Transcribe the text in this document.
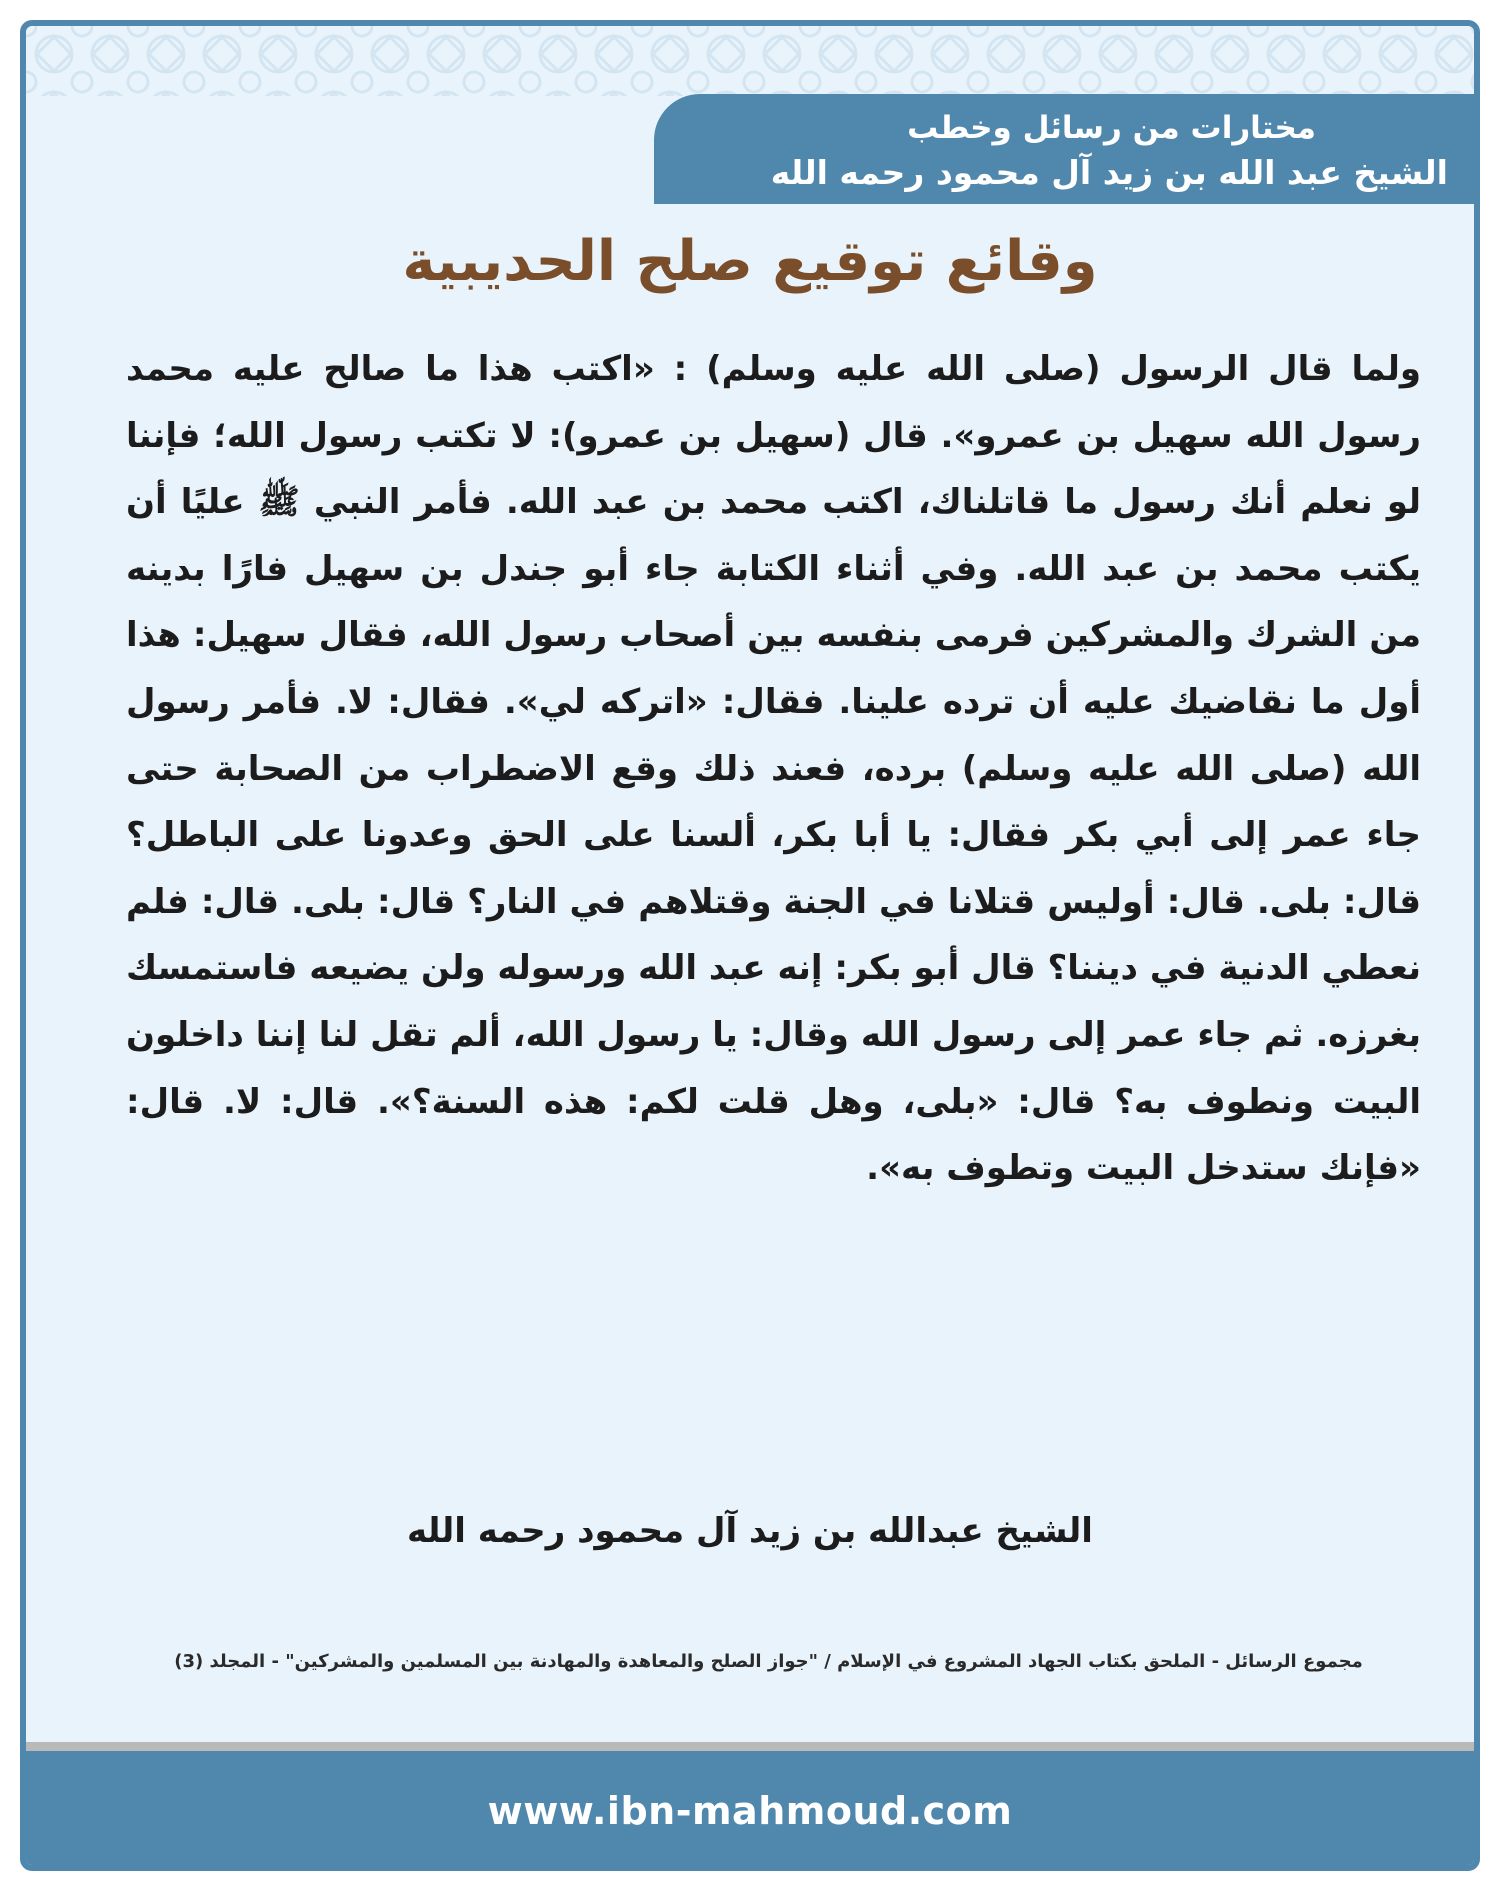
مختارات من رسائل وخطب
الشيخ عبد الله بن زيد آل محمود رحمه الله
وقائع توقيع صلح الحديبية

ولما قال الرسول (صلى الله عليه وسلم) : «اكتب هذا ما صالح عليه محمد رسول الله سهيل بن عمرو». قال (سهيل بن عمرو): لا تكتب رسول الله؛ فإننا لو نعلم أنك رسول ما قاتلناك، اكتب محمد بن عبد الله. فأمر النبي ﷺ عليًا أن يكتب محمد بن عبد الله. وفي أثناء الكتابة جاء أبو جندل بن سهيل فارًا بدينه من الشرك والمشركين فرمى بنفسه بين أصحاب رسول الله، فقال سهيل: هذا أول ما نقاضيك عليه أن ترده علينا. فقال: «اتركه لي». فقال: لا. فأمر رسول الله (صلى الله عليه وسلم) برده، فعند ذلك وقع الاضطراب من الصحابة حتى جاء عمر إلى أبي بكر فقال: يا أبا بكر، ألسنا على الحق وعدونا على الباطل؟ قال: بلى. قال: أوليس قتلانا في الجنة وقتلاهم في النار؟ قال: بلى. قال: فلم نعطي الدنية في ديننا؟ قال أبو بكر: إنه عبد الله ورسوله ولن يضيعه فاستمسك بغرزه. ثم جاء عمر إلى رسول الله وقال: يا رسول الله، ألم تقل لنا إننا داخلون البيت ونطوف به؟ قال: «بلى، وهل قلت لكم: هذه السنة؟». قال: لا. قال: «فإنك ستدخل البيت وتطوف به».

الشيخ عبدالله بن زيد آل محمود رحمه الله
مجموع الرسائل - الملحق بكتاب الجهاد المشروع في الإسلام / "جواز الصلح والمعاهدة والمهادنة بين المسلمين والمشركين" - المجلد (3)
www.ibn-mahmoud.com
